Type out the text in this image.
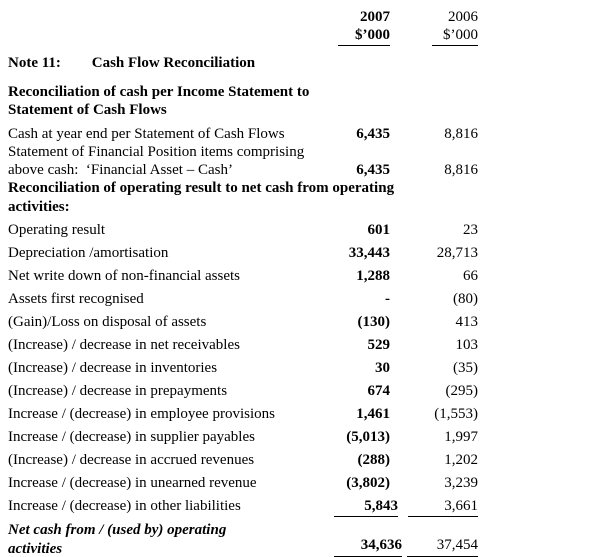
2007	2006
$’000	$’000
Note 11: Cash Flow Reconciliation
Reconciliation of cash per Income Statement to
Statement of Cash Flows
Cash at year end per Statement of Cash Flows	6,435	8,816
Statement of Financial Position items comprising
above cash:  ‘Financial Asset – Cash’	6,435	8,816
Reconciliation of operating result to net cash from operating
activities:
Operating result	601	23
Depreciation /amortisation	33,443	28,713
Net write down of non-financial assets	1,288	66
Assets first recognised	-	(80)
(Gain)/Loss on disposal of assets	(130)	413
(Increase) / decrease in net receivables	529	103
(Increase) / decrease in inventories	30	(35)
(Increase) / decrease in prepayments	674	(295)
Increase / (decrease) in employee provisions	1,461	(1,553)
Increase / (decrease) in supplier payables	(5,013)	1,997
(Increase) / decrease in accrued revenues	(288)	1,202
Increase / (decrease) in unearned revenue	(3,802)	3,239
Increase / (decrease) in other liabilities	5,843	3,661
Net cash from / (used by) operating
activities	34,636	37,454
